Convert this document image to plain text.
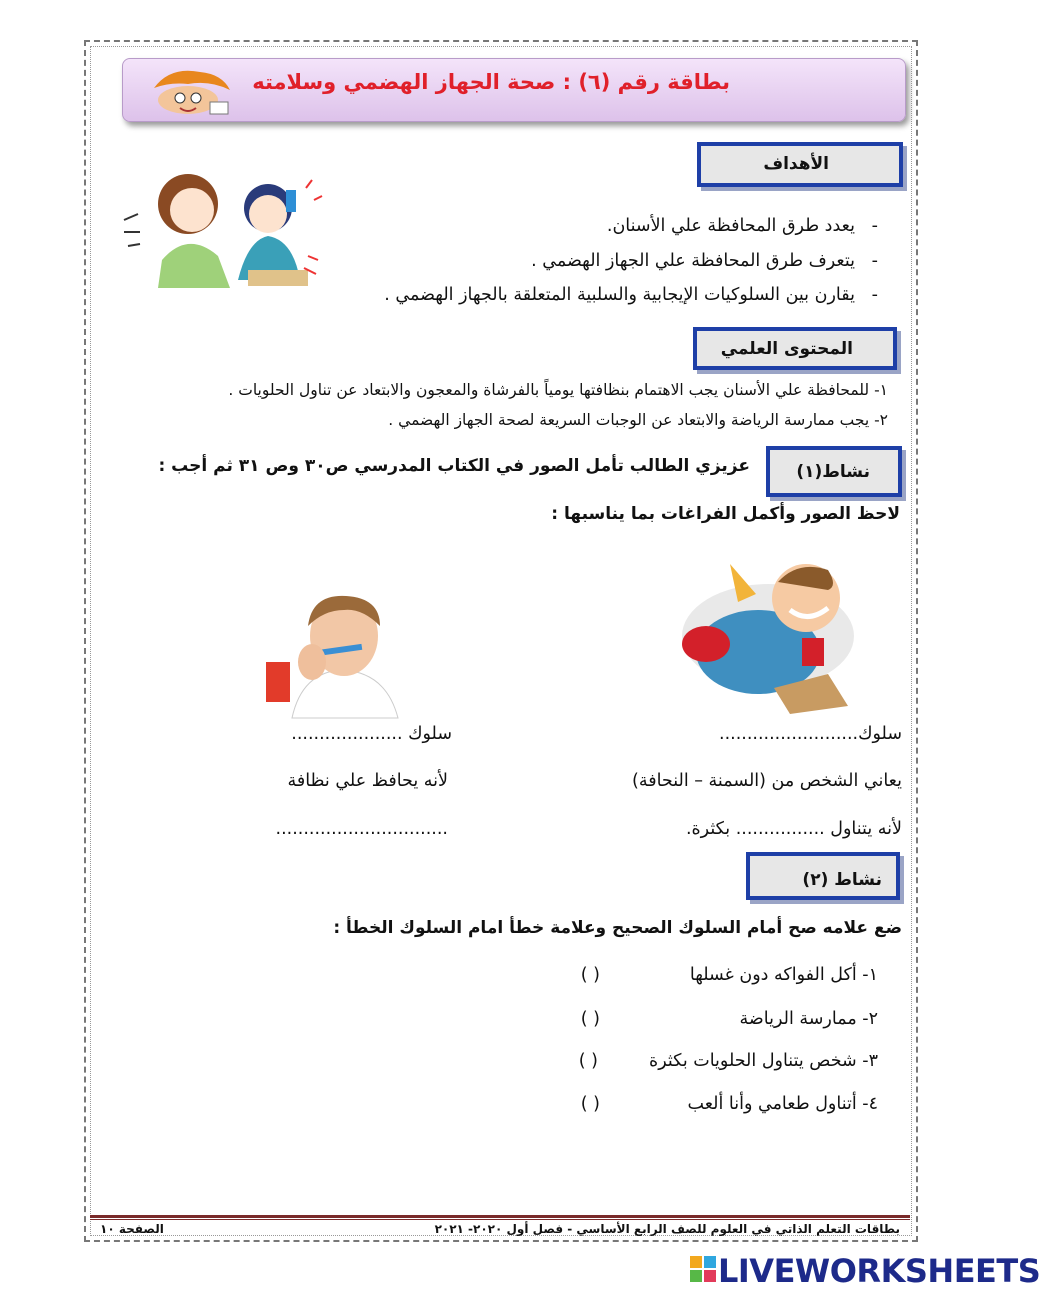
بطاقة رقم (٦) : صحة الجهاز الهضمي وسلامته
الأهداف
-   يعدد طرق المحافظة علي الأسنان.
-   يتعرف طرق المحافظة علي الجهاز الهضمي .
-   يقارن بين السلوكيات الإيجابية والسلبية المتعلقة بالجهاز الهضمي .
المحتوى العلمي
١- للمحافظة علي الأسنان يجب الاهتمام بنظافتها يومياً بالفرشاة والمعجون والابتعاد عن تناول الحلويات .
٢- يجب ممارسة الرياضة والابتعاد عن الوجبات السريعة لصحة الجهاز الهضمي .
نشاط(١)
عزيزي الطالب تأمل الصور في الكتاب المدرسي ص٣٠ وص ٣١ ثم أجب :
لاحظ الصور وأكمل الفراغات بما يناسبها :
سلوك.........................
سلوك ....................
يعاني الشخص من (السمنة – النحافة)
لأنه يحافظ علي نظافة
لأنه يتناول ................ بكثرة.
...............................
نشاط (٢)
ضع علامه صح أمام السلوك الصحيح وعلامة خطأ امام السلوك الخطأ :
١- أكل الفواكه دون غسلها
( )
٢- ممارسة الرياضة
( )
٣- شخص يتناول الحلويات بكثرة
( )
٤- أتناول طعامي وأنا ألعب
( )
الصفحة ١٠	بطاقات التعلم الذاتي في العلوم للصف الرابع الأساسي - فصل أول ٢٠٢٠- ٢٠٢١
LIVEWORKSHEETS
